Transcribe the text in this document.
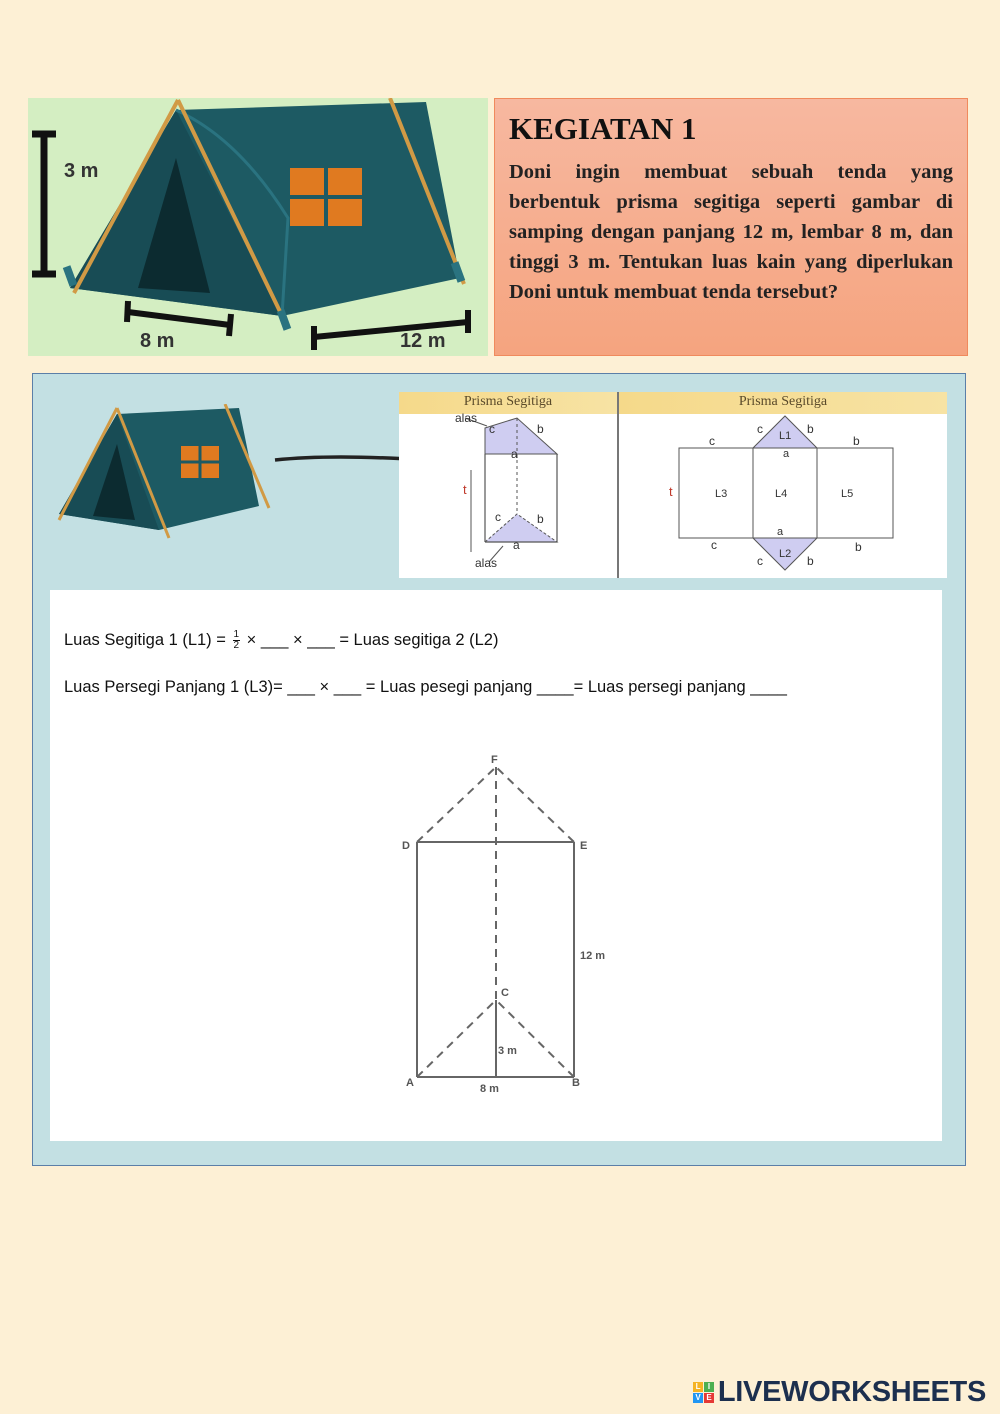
3 m
8 m	12 m
KEGIATAN 1
Doni ingin membuat sebuah tenda yang berbentuk prisma segitiga seperti gambar di samping dengan panjang 12 m, lembar 8 m, dan tinggi 3 m. Tentukan luas kain yang diperlukan Doni untuk membuat tenda tersebut?
Prisma Segitiga	Prisma Segitiga
alas
c	b
a
t
c	b
a
alas
L1
L2
L3	L4	L5
t
c
c	b
b
a
a
c
c	b
b
Luas Segitiga 1 $(L1) = \frac{1}{2}$ × ___ × ___ = Luas segitiga 2 (L2)
Luas Persegi Panjang 1 (L3)= ___ × ___ = Luas pesegi panjang ____= Luas persegi panjang ____
F
D	E
12 m
C
3 m
A	B
8 m
L I
V E LIVEWORKSHEETS
